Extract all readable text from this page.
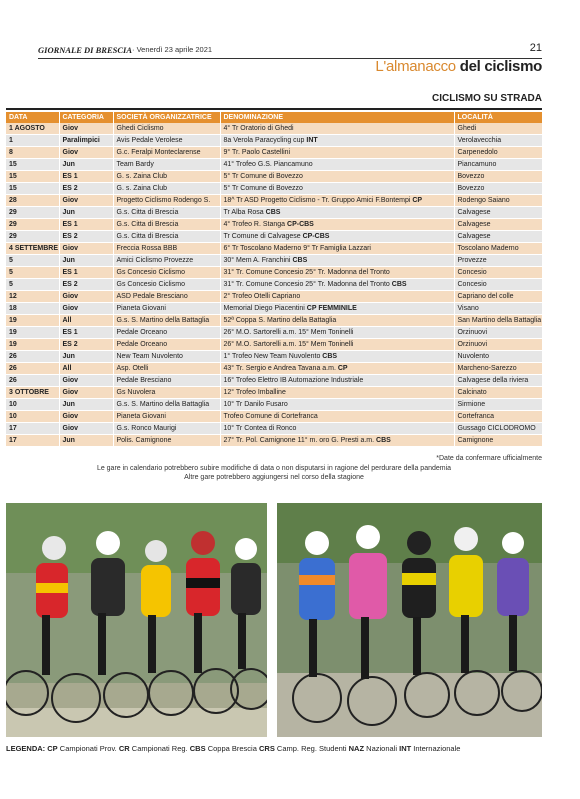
GIORNALE DI BRESCIA · Venerdì 23 aprile 2021	21
L'almanacco del ciclismo
CICLISMO SU STRADA
DATA	CATEGORIA	SOCIETÀ ORGANIZZATRICE	DENOMINAZIONE	LOCALITÀ
1 AGOSTO	Giov	Ghedi Ciclismo	4° Tr Oratorio di Ghedi	Ghedi
1	Paralimpici	Avis Pedale Verolese	8a Verola Paracycling cup INT	Verolavecchia
8	Giov	G.c. Feralpi Monteclarense	9° Tr. Paolo Castellini	Carpenedolo
15	Jun	Team Bardy	41° Trofeo G.S. Piancamuno	Piancamuno
15	ES 1	G. s. Zaina Club	5° Tr Comune di Bovezzo	Bovezzo
15	ES 2	G. s. Zaina Club	5° Tr Comune di Bovezzo	Bovezzo
28	Giov	Progetto Ciclismo Rodengo S.	18^ Tr ASD Progetto Ciclismo - Tr. Gruppo Amici F.Bontempi CP	Rodengo Saiano
29	Jun	G.s. Citta di Brescia	Tr Alba Rosa CBS	Calvagese
29	ES 1	G.s. Citta di Brescia	4° Trofeo R. Stanga CP-CBS	Calvagese
29	ES 2	G.s. Citta di Brescia	Tr Comune di Calvagese CP-CBS	Calvagese
4 SETTEMBRE	Giov	Freccia Rossa BBB	6° Tr Toscolano Maderno 9° Tr Famiglia Lazzari	Toscolano Maderno
5	Jun	Amici Ciclismo Provezze	30° Mem A. Franchini CBS	Provezze
5	ES 1	Gs Concesio Ciclismo	31° Tr. Comune Concesio 25° Tr. Madonna del Tronto	Concesio
5	ES 2	Gs Concesio Ciclismo	31° Tr. Comune Concesio 25° Tr. Madonna del Tronto CBS	Concesio
12	Giov	ASD Pedale Bresciano	2° Trofeo Otelli Capriano	Capriano del colle
18	Giov	Pianeta Giovani	Memorial Diego Piacentini CP FEMMINILE	Visano
19	All	G.s. S. Martino della Battaglia	52ª Coppa S. Martino della Battaglia	San Martino della Battaglia
19	ES 1	Pedale Orceano	26° M.O. Sartorelli a.m. 15° Mem Toninelli	Orzinuovi
19	ES 2	Pedale Orceano	26° M.O. Sartorelli a.m. 15° Mem Toninelli	Orzinuovi
26	Jun	New Team Nuvolento	1° Trofeo New Team Nuvolento CBS	Nuvolento
26	All	Asp. Otelli	43° Tr. Sergio e Andrea Tavana a.m. CP	Marcheno-Sarezzo
26	Giov	Pedale Bresciano	16° Trofeo Elettro IB Automazione Industriale	Calvagese della riviera
3 OTTOBRE	Giov	Gs Nuvolera	12° Trofeo Imballine	Calcinato
10	Jun	G.s. S. Martino della Battaglia	10° Tr Danilo Fusaro	Sirmione
10	Giov	Pianeta Giovani	Trofeo Comune di Cortefranca	Cortefranca
17	Giov	G.s. Ronco Maurigi	10° Tr Contea di Ronco	Gussago CICLODROMO
17	Jun	Polis. Camignone	27° Tr. Pol. Camignone 11° m. oro G. Presti a.m. CBS	Camignone
*Date da confermare ufficialmente
Le gare in calendario potrebbero subire modifiche di data o non disputarsi in ragione del perdurare della pandemia
Altre gare potrebbero aggiungersi nel corso della stagione
LEGENDA: CP Campionati Prov. CR Campionati Reg. CBS Coppa Brescia CRS Camp. Reg. Studenti NAZ Nazionali INT Internazionale
